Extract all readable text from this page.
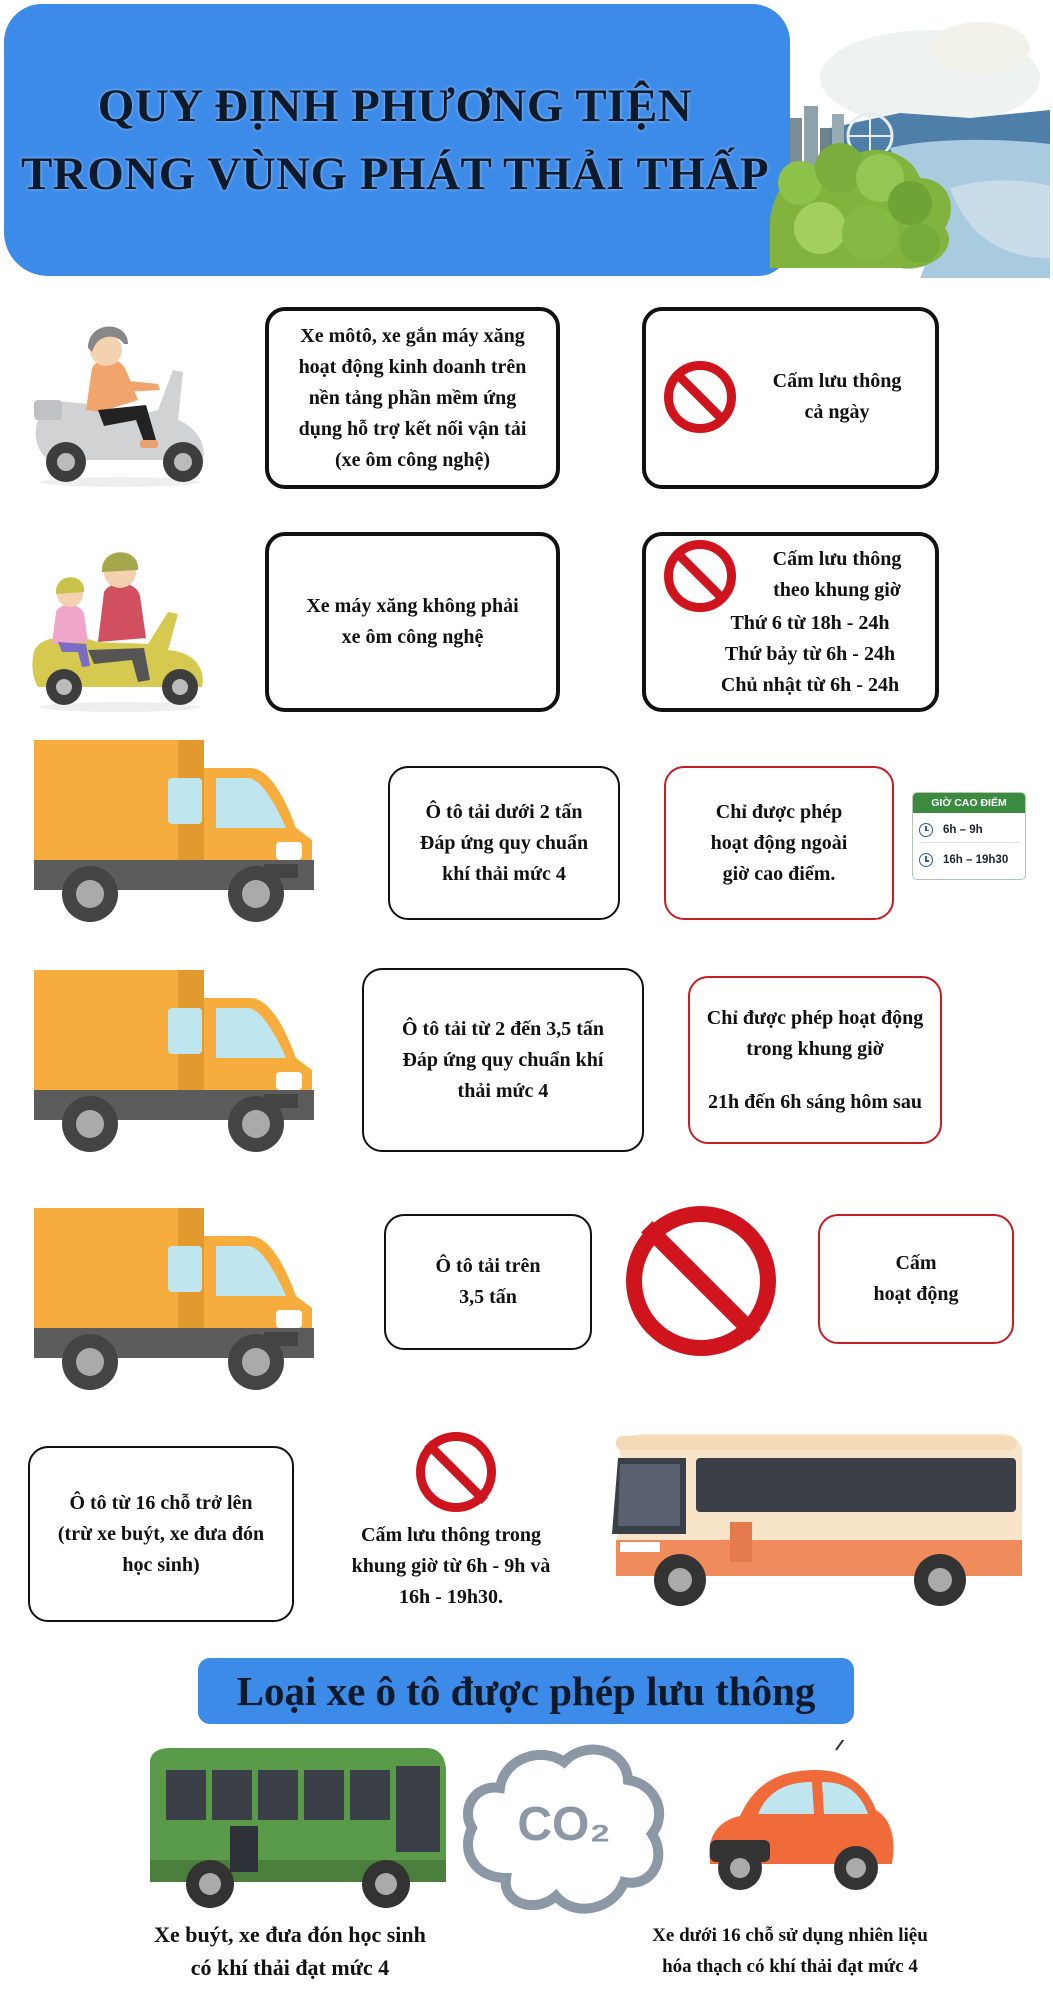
QUY ĐỊNH PHƯƠNG TIỆN
TRONG VÙNG PHÁT THẢI THẤP
Xe môtô, xe gắn máy xăng
hoạt động kinh doanh trên
nền tảng phần mềm ứng
dụng hỗ trợ kết nối vận tải
(xe ôm công nghệ)
Cấm lưu thông
cả ngày
Xe máy xăng không phải
xe ôm công nghệ
Cấm lưu thông
theo khung giờ
Thứ 6 từ 18h - 24h
Thứ bảy từ 6h - 24h
Chủ nhật từ 6h - 24h
Ô tô tải dưới 2 tấn
Đáp ứng quy chuẩn
khí thải mức 4
Chỉ được phép
hoạt động ngoài
giờ cao điểm.
GIỜ CAO ĐIỂM
6h – 9h
16h – 19h30
Ô tô tải từ 2 đến 3,5 tấn
Đáp ứng quy chuẩn khí
thải mức 4
Chỉ được phép hoạt động
trong khung giờ
21h đến 6h sáng hôm sau
Ô tô tải trên
3,5 tấn
Cấm
hoạt động
Ô tô từ 16 chỗ trở lên
(trừ xe buýt, xe đưa đón
học sinh)
Cấm lưu thông trong
khung giờ từ 6h - 9h và
16h - 19h30.
Loại xe ô tô được phép lưu thông
CO₂
Xe buýt, xe đưa đón học sinh
có khí thải đạt mức 4
Xe dưới 16 chỗ sử dụng nhiên liệu
hóa thạch có khí thải đạt mức 4
